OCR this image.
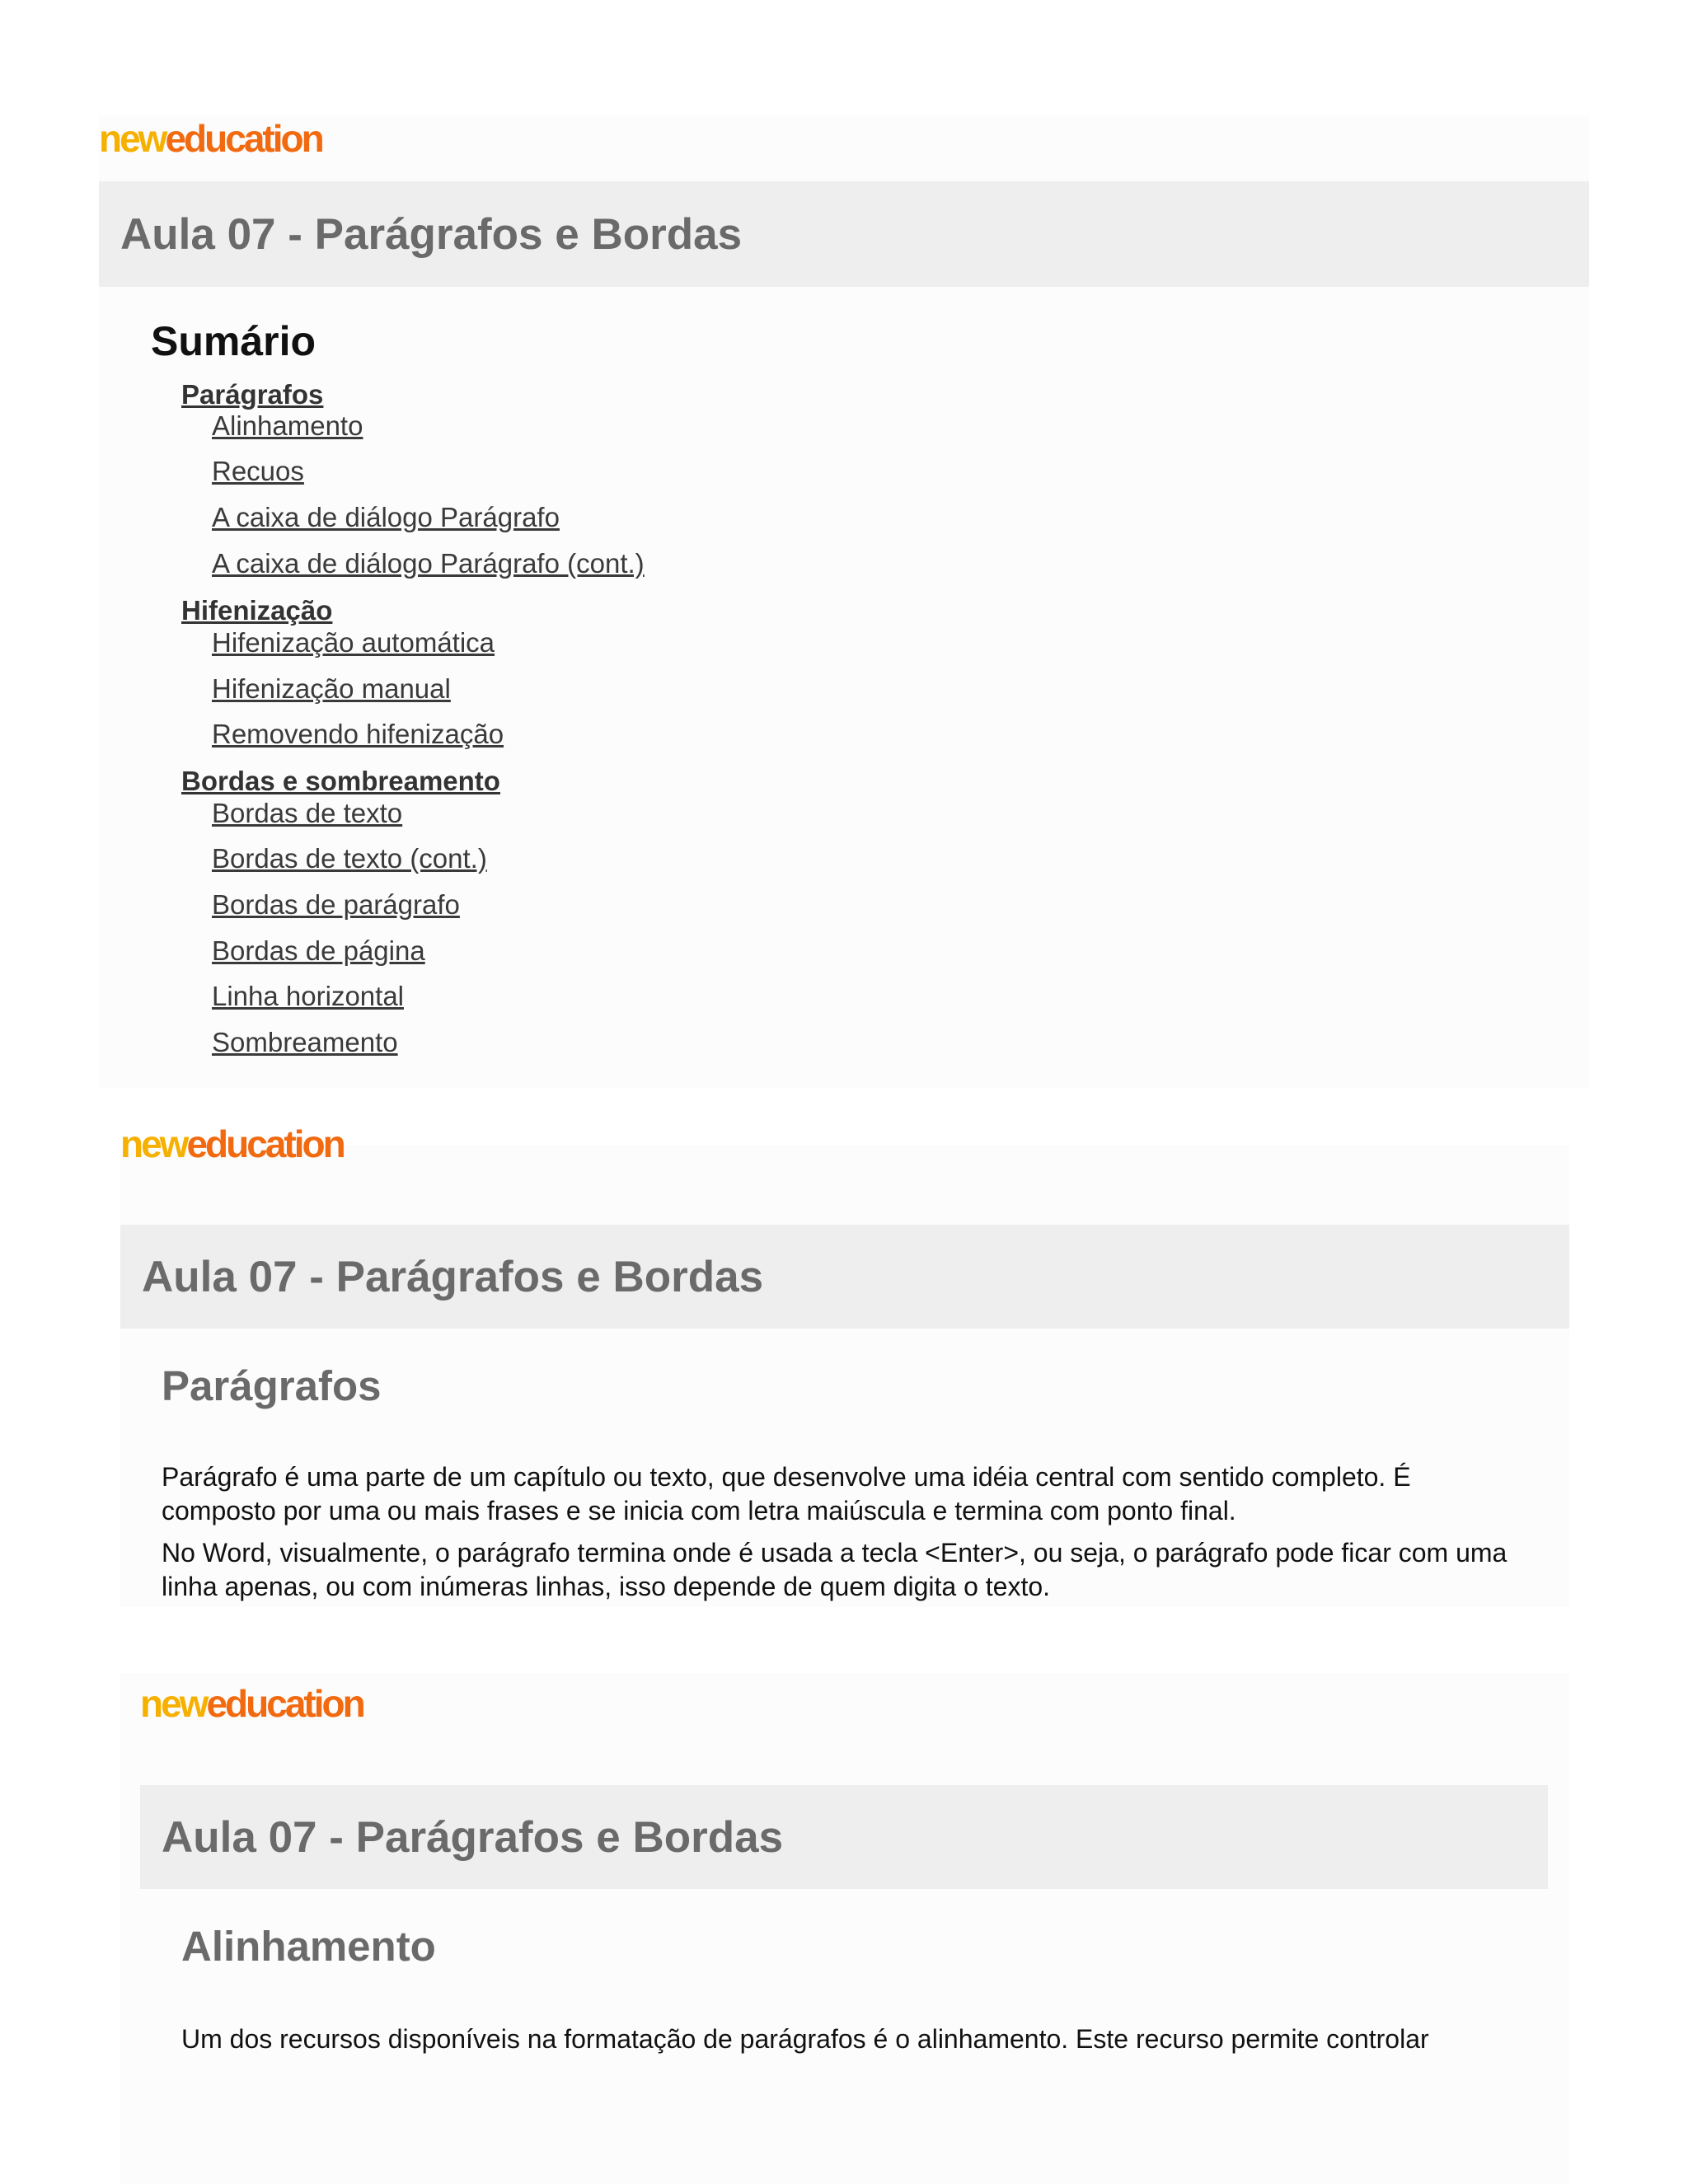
neweducation
Aula 07 - Parágrafos e Bordas
Sumário
Parágrafos
Alinhamento
Recuos
A caixa de diálogo Parágrafo
A caixa de diálogo Parágrafo (cont.)
Hifenização
Hifenização automática
Hifenização manual
Removendo hifenização
Bordas e sombreamento
Bordas de texto
Bordas de texto (cont.)
Bordas de parágrafo
Bordas de página
Linha horizontal
Sombreamento
neweducation
Aula 07 - Parágrafos e Bordas
Parágrafos

Parágrafo é uma parte de um capítulo ou texto, que desenvolve uma idéia central com sentido completo. É composto por uma ou mais frases e se inicia com letra maiúscula e termina com ponto final.

No Word, visualmente, o parágrafo termina onde é usada a tecla <Enter>, ou seja, o parágrafo pode ficar com uma linha apenas, ou com inúmeras linhas, isso depende de quem digita o texto.

neweducation
Aula 07 - Parágrafos e Bordas
Alinhamento

Um dos recursos disponíveis na formatação de parágrafos é o alinhamento. Este recurso permite controlar
